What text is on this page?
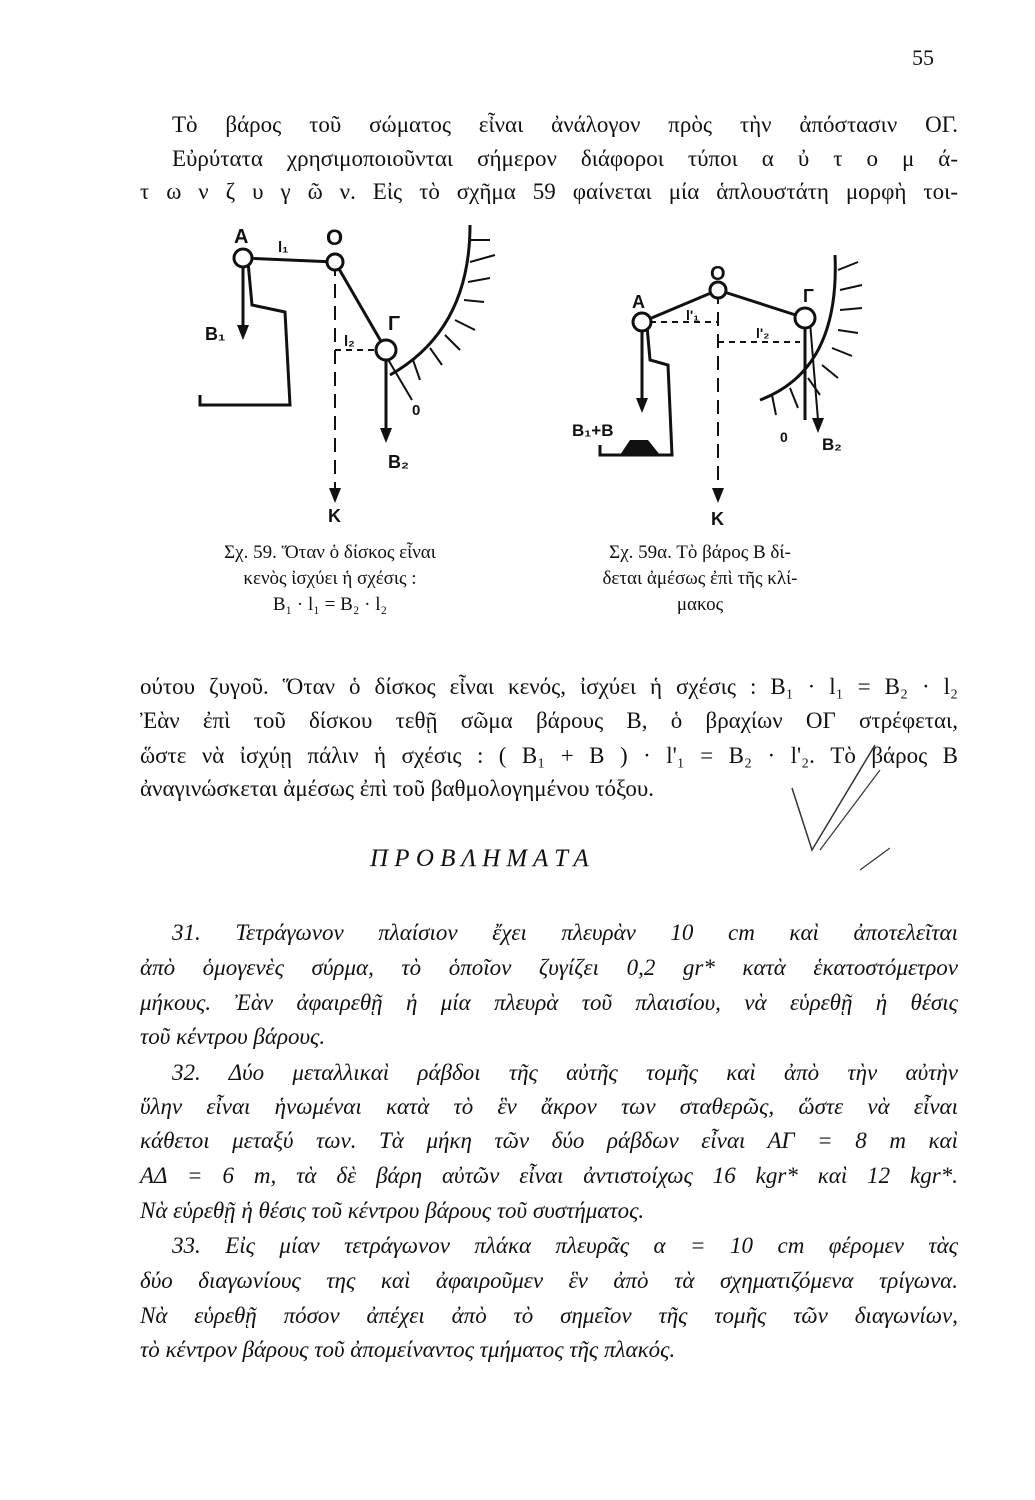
55
Τὸ βάρος τοῦ σώματος εἶναι ἀνάλογον πρὸς τὴν ἀπόστασιν ΟΓ.
Εὐρύτατα χρησιμοποιοῦνται σήμερον διάφοροι τύποι α ὐ τ ο μ ά-
τ ω ν ζ υ γ ῶ ν. Εἰς τὸ σχῆμα 59 φαίνεται μία ἁπλουστάτη μορφὴ τοι-
A l₁ O
Γ
l₂
B₁
B₂
0
K
O
A	Γ
l'₁
l'₂
B₁+B
B₂
0
K
Σχ. 59. Ὅταν ὁ δίσκος εἶναι
κενὸς ἰσχύει ἡ σχέσις :
B₁ · l₁ = B₂ · l₂
Σχ. 59α. Τὸ βάρος Β δί-
δεται ἀμέσως ἐπὶ τῆς κλί-
μακος
ούτου ζυγοῦ. Ὅταν ὁ δίσκος εἶναι κενός, ἰσχύει ἡ σχέσις : B₁ · l₁ = B₂ · l₂
Ἐὰν ἐπὶ τοῦ δίσκου τεθῇ σῶμα βάρους Β, ὁ βραχίων ΟΓ στρέφεται,
ὥστε νὰ ἰσχύῃ πάλιν ἡ σχέσις : ( B₁ + B ) · l'₁ = B₂ · l'₂. Τὸ βάρος Β
ἀναγινώσκεται ἀμέσως ἐπὶ τοῦ βαθμολογημένου τόξου.
Π Ρ Ο Β Λ Η Μ Α Τ Α
31. Τετράγωνον πλαίσιον ἔχει πλευρὰν 10 cm καὶ ἀποτελεῖται
ἀπὸ ὁμογενὲς σύρμα, τὸ ὁποῖον ζυγίζει 0,2 gr* κατὰ ἑκατοστόμετρον
μήκους. Ἐὰν ἀφαιρεθῇ ἡ μία πλευρὰ τοῦ πλαισίου, νὰ εὑρεθῇ ἡ θέσις
τοῦ κέντρου βάρους.
32. Δύο μεταλλικαὶ ράβδοι τῆς αὐτῆς τομῆς καὶ ἀπὸ τὴν αὐτὴν
ὕλην εἶναι ἡνωμέναι κατὰ τὸ ἓν ἄκρον των σταθερῶς, ὥστε νὰ εἶναι
κάθετοι μεταξύ των. Τὰ μήκη τῶν δύο ράβδων εἶναι ΑΓ = 8 m καὶ
ΑΔ = 6 m, τὰ δὲ βάρη αὐτῶν εἶναι ἀντιστοίχως 16 kgr* καὶ 12 kgr*.
Νὰ εὑρεθῇ ἡ θέσις τοῦ κέντρου βάρους τοῦ συστήματος.
33. Εἰς μίαν τετράγωνον πλάκα πλευρᾶς α = 10 cm φέρομεν τὰς
δύο διαγωνίους της καὶ ἀφαιροῦμεν ἓν ἀπὸ τὰ σχηματιζόμενα τρίγωνα.
Νὰ εὑρεθῇ πόσον ἀπέχει ἀπὸ τὸ σημεῖον τῆς τομῆς τῶν διαγωνίων,
τὸ κέντρον βάρους τοῦ ἀπομείναντος τμήματος τῆς πλακός.
